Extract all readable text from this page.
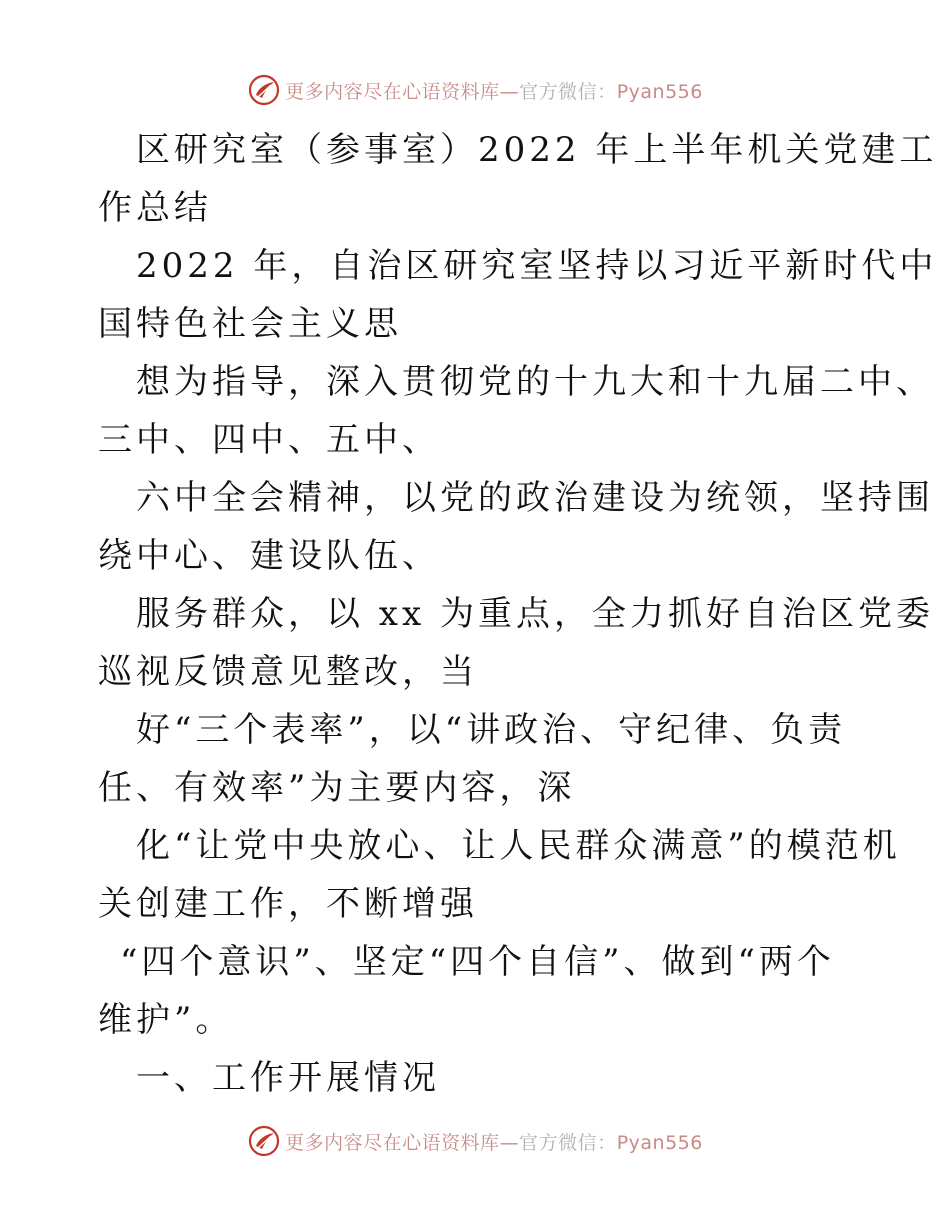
更多内容尽在心语资料库—官方微信：Pyan556
区研究室（参事室）2022 年上半年机关党建工
作总结
2022 年，自治区研究室坚持以习近平新时代中
国特色社会主义思
想为指导，深入贯彻党的十九大和十九届二中、
三中、四中、五中、
六中全会精神，以党的政治建设为统领，坚持围
绕中心、建设队伍、
服务群众，以 xx 为重点，全力抓好自治区党委
巡视反馈意见整改，当
好“三个表率”，以“讲政治、守纪律、负责
任、有效率”为主要内容，深
化“让党中央放心、让人民群众满意”的模范机
关创建工作，不断增强
“四个意识”、坚定“四个自信”、做到“两个
维护”。
一、工作开展情况
更多内容尽在心语资料库—官方微信：Pyan556
